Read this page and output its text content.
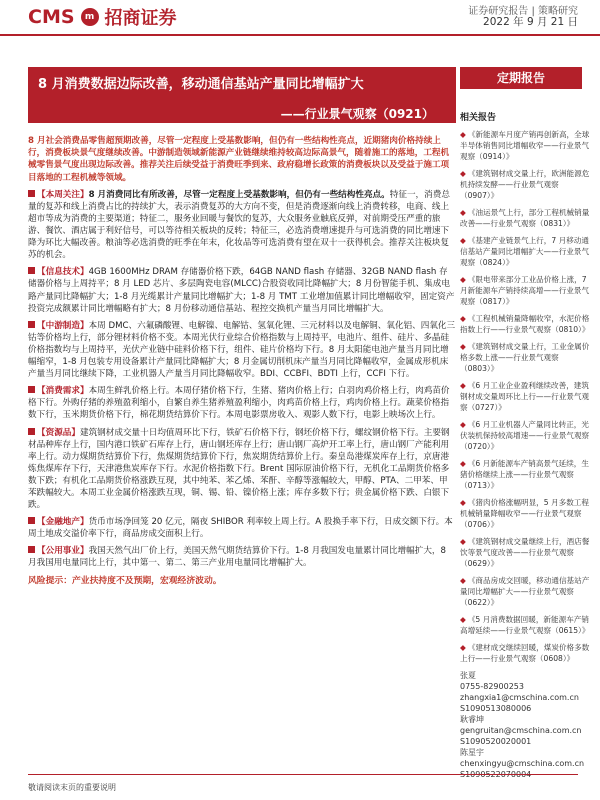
CMS	m 招商证券	证券研究报告 | 策略研究
2022 年 9 月 21 日
8 月消费数据边际改善，移动通信基站产量同比增幅扩大
——行业景气观察（0921）
定期报告

8 月社会消费品零售超预期改善，尽管一定程度上受基数影响，但仍有一些结构性亮点，近期猪肉价格持续上行，消费板块景气度继续改善。中游制造领域新能源产业链继续维持较高边际高景气，随着施工的落地，工程机械零售景气度出现边际改善。推荐关注后续受益于消费旺季到来、政府稳增长政策的消费板块以及受益于施工项目落地的工程机械等领域。

【本周关注】8 月消费同比有所改善，尽管一定程度上受基数影响，但仍有一些结构性亮点。特征一，消费总量的复苏和线上消费占比的持续扩大，表示消费复苏的大方向不变，但是消费逐渐向线上消费转移，电商、线上超市等成为消费的主要渠道；特征二，服务业回暖与餐饮的复苏，大众服务业触底反弹，对前期受压严重的旅游、餐饮、酒店属于利好信号，可以等待相关板块的反转；特征三，必选消费增速提升与可选消费的同比增速下降为环比大幅改善。粮油等必选消费的旺季在年末，化妆品等可选消费有望在双十一获得机会。推荐关注板块复苏的机会。

【信息技术】4GB 1600MHz DRAM 存储器价格下跌，64GB NAND flash 存储器、32GB NAND flash 存储器价格与上周持平；8 月 LED 芯片、多层陶瓷电容(MLCC)合股资收同比降幅扩大；8 月份智能手机、集成电路产量同比降幅扩大；1-8 月光缆累计产量同比增幅扩大；1-8 月 TMT 工业增加值累计同比增幅收窄，固定资产投资完成额累计同比增幅略有扩大；8 月份移动通信基站、程控交换机产量当月同比增幅扩大。

【中游制造】本周 DMC、六氟磷酸锂、电解镍、电解钴、氢氧化锂、三元材料以及电解铜、氧化铝、四氧化三钴等价格均上行，部分锂材料价格不变。本周光伏行业综合价格指数与上周持平，电池片、组件、硅片、多晶硅价格指数均与上周持平，光伏产业链中硅料价格下行，组件、硅片价格均下行。8 月太阳能电池产量当月同比增幅缩窄，1-8 月包装专用设备累计产量同比降幅扩大；8 月金属切削机床产量当月同比降幅收窄，金属成形机床产量当月同比继续下降，工业机器人产量当月同比降幅收窄。BDI、CCBFI、BDTI 上行，CCFI 下行。

【消费需求】本周生鲜乳价格上行。本周仔猪价格下行，生猪、猪肉价格上行；白羽肉鸡价格上行，肉鸡苗价格下行。外购仔猪的养殖盈利缩小，自繁自养生猪养殖盈利缩小，肉鸡苗价格上行，鸡肉价格上行。蔬菜价格指数下行，玉米期货价格下行，棉花期货结算价下行。本周电影票房收入、观影人数下行，电影上映场次上行。

【资源品】建筑钢材成交量十日均值周环比下行，铁矿石价格下行，钢坯价格下行，螺纹钢价格下行。主要钢材品种库存上行，国内港口铁矿石库存上行，唐山钢坯库存上行；唐山钢厂高炉开工率上行，唐山钢厂产能利用率上行。动力煤期货结算价下行，焦煤期货结算价下行，焦炭期货结算价上行。秦皇岛港煤炭库存上行，京唐港炼焦煤库存下行，天津港焦炭库存下行。水泥价格指数下行。Brent 国际原油价格下行，无机化工品期货价格多数下跌；有机化工品期货价格涨跌互现，其中纯苯、苯乙烯、苯酐、辛醇等涨幅较大，甲醇、PTA、二甲苯、甲苯跌幅较大。本周工业金属价格涨跌互现，铜、锡、铅、镍价格上涨；库存多数下行；贵金属价格下跌、白银下跌。

【金融地产】货币市场净回笼 20 亿元，隔夜 SHIBOR 利率较上周上行。A 股换手率下行，日成交额下行。本周土地成交溢价率下行，商品房成交面积上行。

【公用事业】我国天然气出厂价上行，美国天然气期货结算价下行。1-8 月我国发电量累计同比增幅扩大，8 月我国用电量同比上行，其中第一、第二、第三产业用电量同比增幅扩大。

风险提示：产业扶持度不及预期，宏观经济波动。

相关报告
◆ 《新能源车月度产销再创新高，全球半导体销售同比增幅收窄——行业景气观察（0914）》
◆ 《建筑钢材成交量上行，欧洲能源危机持续发酵——行业景气观察（0907）》
◆ 《油运景气上行，部分工程机械销量改善——行业景气观察（0831）》
◆ 《基建产业链景气上行，7 月移动通信基站产量同比增幅扩大——行业景气观察（0824）》
◆ 《限电带来部分工业品价格上涨，7 月新能源车产销持续高增——行业景气观察（0817）》
◆ 《工程机械销量降幅收窄，水泥价格指数上行——行业景气观察（0810）》
◆ 《建筑钢材成交量上行，工业金属价格多数上涨——行业景气观察（0803）》
◆ 《6 月工业企业盈利继续改善，建筑钢材成交量周环比上行——行业景气观察（0727）》
◆ 《6 月工业机器人产量同比转正，光伏装机保持较高增速——行业景气观察（0720）》
◆ 《6 月新能源车产销高景气延续，生猪价格继续上涨——行业景气观察（0713）》
◆ 《猪肉价格涨幅明显，5 月多数工程机械销量降幅收窄——行业景气观察（0706）》
◆ 《建筑钢材成交量继续上行，酒店餐饮等景气度改善——行业景气观察（0629）》
◆ 《商品房成交回暖，移动通信基站产量同比增幅扩大——行业景气观察（0622）》
◆ 《5 月消费数据回暖，新能源车产销高增延续——行业景气观察（0615）》
◆ 《建材成交继续回暖，煤炭价格多数上行——行业景气观察（0608）》

张夏

0755-82900253

zhangxia1@cmschina.com.cn

S1090513080006

耿睿坤

gengruitan@cmschina.com.cn

S1090520020001

陈星宇

chenxingyu@cmschina.com.cn

敬请阅读末页的重要说明
